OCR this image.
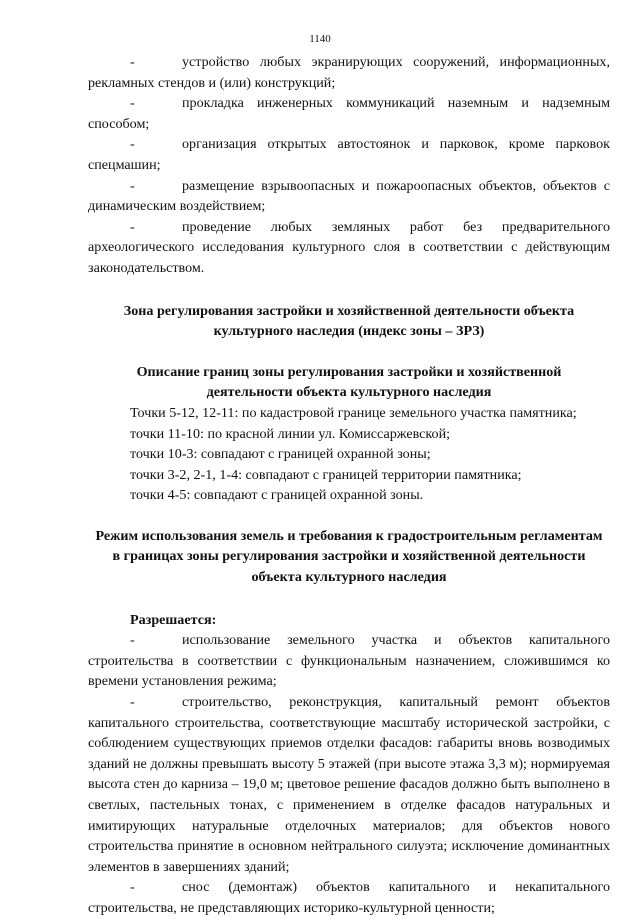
1140

-	устройство любых экранирующих сооружений, информационных, рекламных стендов и (или) конструкций;

-	прокладка инженерных коммуникаций наземным и надземным способом;

-	организация открытых автостоянок и парковок, кроме парковок спецмашин;

-	размещение взрывоопасных и пожароопасных объектов, объектов с динамическим воздействием;

-	проведение любых земляных работ без предварительного археологического исследования культурного слоя в соответствии с действующим законодательством.

Зона регулирования застройки и хозяйственной деятельности объекта культурного наследия (индекс зоны – ЗРЗ)
Описание границ зоны регулирования застройки и хозяйственной деятельности объекта культурного наследия

Точки 5-12, 12-11: по кадастровой границе земельного участка памятника;

точки 11-10: по красной линии ул. Комиссаржевской;

точки 10-3: совпадают с границей охранной зоны;

точки 3-2, 2-1, 1-4: совпадают с границей территории памятника;

точки 4-5: совпадают с границей охранной зоны.

Режим использования земель и требования к градостроительным регламентам в границах зоны регулирования застройки и хозяйственной деятельности объекта культурного наследия

Разрешается:

-	использование земельного участка и объектов капитального строительства в соответствии с функциональным назначением, сложившимся ко времени установления режима;

-	строительство, реконструкция, капитальный ремонт объектов капитального строительства, соответствующие масштабу исторической застройки, с соблюдением существующих приемов отделки фасадов: габариты вновь возводимых зданий не должны превышать высоту 5 этажей (при высоте этажа 3,3 м); нормируемая высота стен до карниза – 19,0 м; цветовое решение фасадов должно быть выполнено в светлых, пастельных тонах, с применением в отделке фасадов натуральных и имитирующих натуральные отделочных материалов; для объектов нового строительства принятие в основном нейтрального силуэта; исключение доминантных элементов в завершениях зданий;

-	снос (демонтаж) объектов капитального и некапитального строительства, не представляющих историко-культурной ценности;
